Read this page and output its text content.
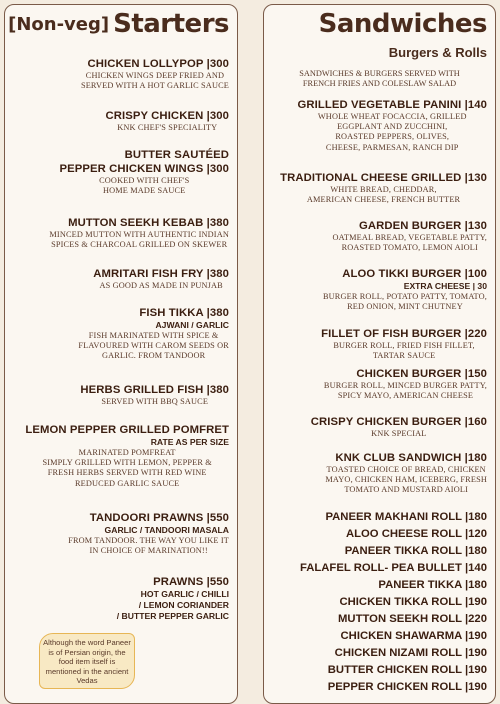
[Non-veg] Starters
CHICKEN LOLLYPOP |300
CHICKEN WINGS DEEP FRIED AND
SERVED WITH A HOT GARLIC SAUCE
CRISPY CHICKEN |300
KNK CHEF'S SPECIALITY
BUTTER SAUTÉED
PEPPER CHICKEN WINGS |300
COOKED WITH CHEF'S
HOME MADE SAUCE
MUTTON SEEKH KEBAB |380
MINCED MUTTON WITH AUTHENTIC INDIAN
SPICES & CHARCOAL GRILLED ON SKEWER
AMRITARI FISH FRY |380
AS GOOD AS MADE IN PUNJAB
FISH TIKKA |380
AJWANI / GARLIC
FISH MARINATED WITH SPICE &
FLAVOURED WITH CAROM SEEDS OR
GARLIC. FROM TANDOOR
HERBS GRILLED FISH |380
SERVED WITH BBQ SAUCE
LEMON PEPPER GRILLED POMFRET
RATE AS PER SIZE
MARINATED POMFREAT
SIMPLY GRILLED WITH LEMON, PEPPER &
FRESH HERBS SERVED WITH RED WINE
REDUCED GARLIC SAUCE
TANDOORI PRAWNS |550
GARLIC / TANDOORI MASALA
FROM TANDOOR. THE WAY YOU LIKE IT
IN CHOICE OF MARINATION!!
PRAWNS |550
HOT GARLIC / CHILLI
/ LEMON CORIANDER
/ BUTTER PEPPER GARLIC
Although the word Paneer is of Persian origin, the food item itself is mentioned in the ancient Vedas
Sandwiches
Burgers & Rolls
SANDWICHES & BURGERS SERVED WITH
FRENCH FRIES AND COLESLAW SALAD
GRILLED VEGETABLE PANINI |140
WHOLE WHEAT FOCACCIA, GRILLED
EGGPLANT AND ZUCCHINI,
ROASTED PEPPERS, OLIVES,
CHEESE, PARMESAN, RANCH DIP
TRADITIONAL CHEESE GRILLED |130
WHITE BREAD, CHEDDAR,
AMERICAN CHEESE, FRENCH BUTTER
GARDEN BURGER |130
OATMEAL BREAD, VEGETABLE PATTY,
ROASTED TOMATO, LEMON AIOLI
ALOO TIKKI BURGER |100
EXTRA CHEESE | 30
BURGER ROLL, POTATO PATTY, TOMATO,
RED ONION, MINT CHUTNEY
FILLET OF FISH BURGER |220
BURGER ROLL, FRIED FISH FILLET,
TARTAR SAUCE
CHICKEN BURGER |150
BURGER ROLL, MINCED BURGER PATTY,
SPICY MAYO, AMERICAN CHEESE
CRISPY CHICKEN BURGER |160
KNK SPECIAL
KNK CLUB SANDWICH |180
TOASTED CHOICE OF BREAD, CHICKEN
MAYO, CHICKEN HAM, ICEBERG, FRESH
TOMATO AND MUSTARD AIOLI
PANEER MAKHANI ROLL |180
ALOO CHEESE ROLL |120
PANEER TIKKA ROLL |180
FALAFEL ROLL- PEA BULLET |140
PANEER TIKKA |180
CHICKEN TIKKA ROLL |190
MUTTON SEEKH ROLL |220
CHICKEN SHAWARMA |190
CHICKEN NIZAMI ROLL |190
BUTTER CHICKEN ROLL |190
PEPPER CHICKEN ROLL |190
